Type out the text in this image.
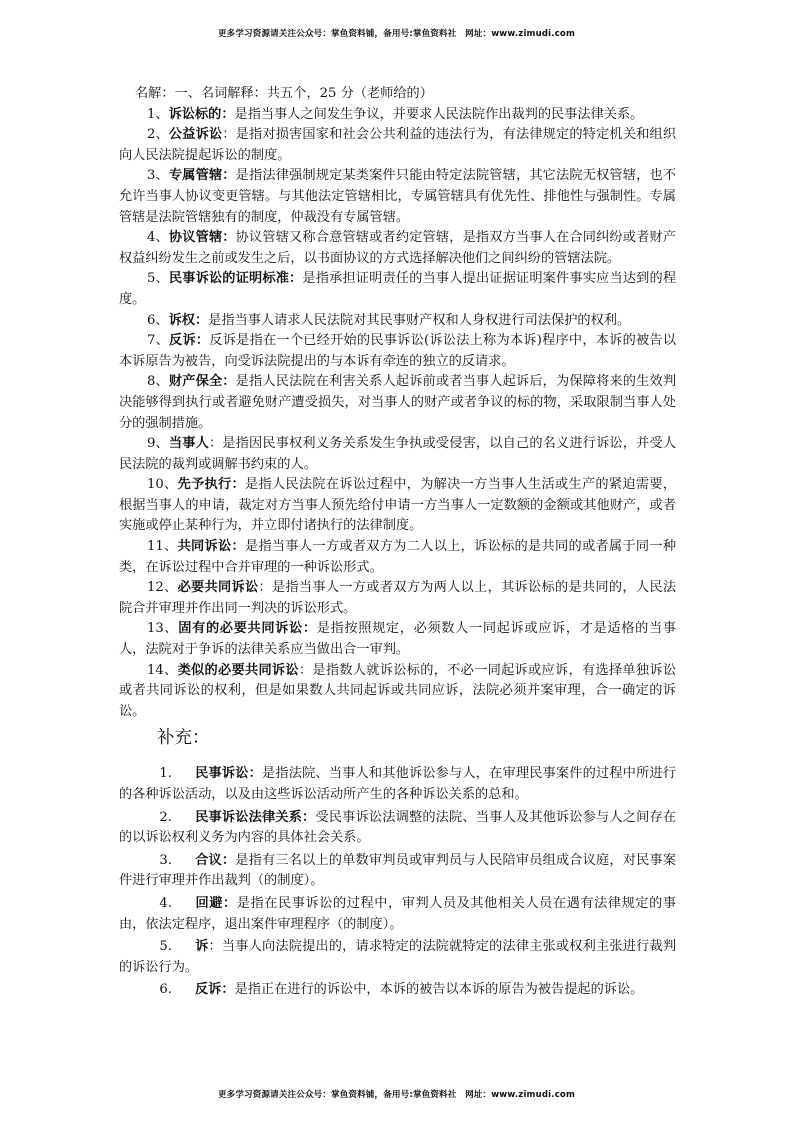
更多学习资源请关注公众号：掌鱼资料铺，备用号:掌鱼资料社　网址：www.zimudi.com

名解：一、名词解释：共五个，25 分（老师给的）

1、诉讼标的：是指当事人之间发生争议，并要求人民法院作出裁判的民事法律关系。

2、公益诉讼：是指对损害国家和社会公共利益的违法行为，有法律规定的特定机关和组织向人民法院提起诉讼的制度。

3、专属管辖：是指法律强制规定某类案件只能由特定法院管辖，其它法院无权管辖，也不允许当事人协议变更管辖。与其他法定管辖相比，专属管辖具有优先性、排他性与强制性。专属管辖是法院管辖独有的制度，仲裁没有专属管辖。

4、协议管辖：协议管辖又称合意管辖或者约定管辖，是指双方当事人在合同纠纷或者财产权益纠纷发生之前或发生之后，以书面协议的方式选择解决他们之间纠纷的管辖法院。

5、民事诉讼的证明标准：是指承担证明责任的当事人提出证据证明案件事实应当达到的程度。

6、诉权：是指当事人请求人民法院对其民事财产权和人身权进行司法保护的权利。

7、反诉：反诉是指在一个已经开始的民事诉讼(诉讼法上称为本诉)程序中，本诉的被告以本诉原告为被告，向受诉法院提出的与本诉有牵连的独立的反请求。

8、财产保全：是指人民法院在利害关系人起诉前或者当事人起诉后，为保障将来的生效判决能够得到执行或者避免财产遭受损失，对当事人的财产或者争议的标的物，采取限制当事人处分的强制措施。

9、当事人：是指因民事权利义务关系发生争执或受侵害，以自己的名义进行诉讼，并受人民法院的裁判或调解书约束的人。

10、先予执行：是指人民法院在诉讼过程中，为解决一方当事人生活或生产的紧迫需要，根据当事人的申请，裁定对方当事人预先给付申请一方当事人一定数额的金额或其他财产，或者实施或停止某种行为，并立即付诸执行的法律制度。

11、共同诉讼：是指当事人一方或者双方为二人以上，诉讼标的是共同的或者属于同一种类，在诉讼过程中合并审理的一种诉讼形式。

12、必要共同诉讼：是指当事人一方或者双方为两人以上，其诉讼标的是共同的，人民法院合并审理并作出同一判决的诉讼形式。

13、固有的必要共同诉讼：是指按照规定，必须数人一同起诉或应诉，才是适格的当事人，法院对于争诉的法律关系应当做出合一审判。

14、类似的必要共同诉讼：是指数人就诉讼标的，不必一同起诉或应诉，有选择单独诉讼或者共同诉讼的权利，但是如果数人共同起诉或共同应诉，法院必须并案审理，合一确定的诉讼。

补充：

1. 民事诉讼：是指法院、当事人和其他诉讼参与人，在审理民事案件的过程中所进行的各种诉讼活动，以及由这些诉讼活动所产生的各种诉讼关系的总和。

2. 民事诉讼法律关系：受民事诉讼法调整的法院、当事人及其他诉讼参与人之间存在的以诉讼权利义务为内容的具体社会关系。

3. 合议：是指有三名以上的单数审判员或审判员与人民陪审员组成合议庭，对民事案件进行审理并作出裁判（的制度）。

4. 回避：是指在民事诉讼的过程中，审判人员及其他相关人员在遇有法律规定的事由，依法定程序，退出案件审理程序（的制度）。

5. 诉：当事人向法院提出的，请求特定的法院就特定的法律主张或权利主张进行裁判的诉讼行为。

6. 反诉：是指正在进行的诉讼中，本诉的被告以本诉的原告为被告提起的诉讼。

更多学习资源请关注公众号：掌鱼资料铺，备用号:掌鱼资料社　网址：www.zimudi.com
